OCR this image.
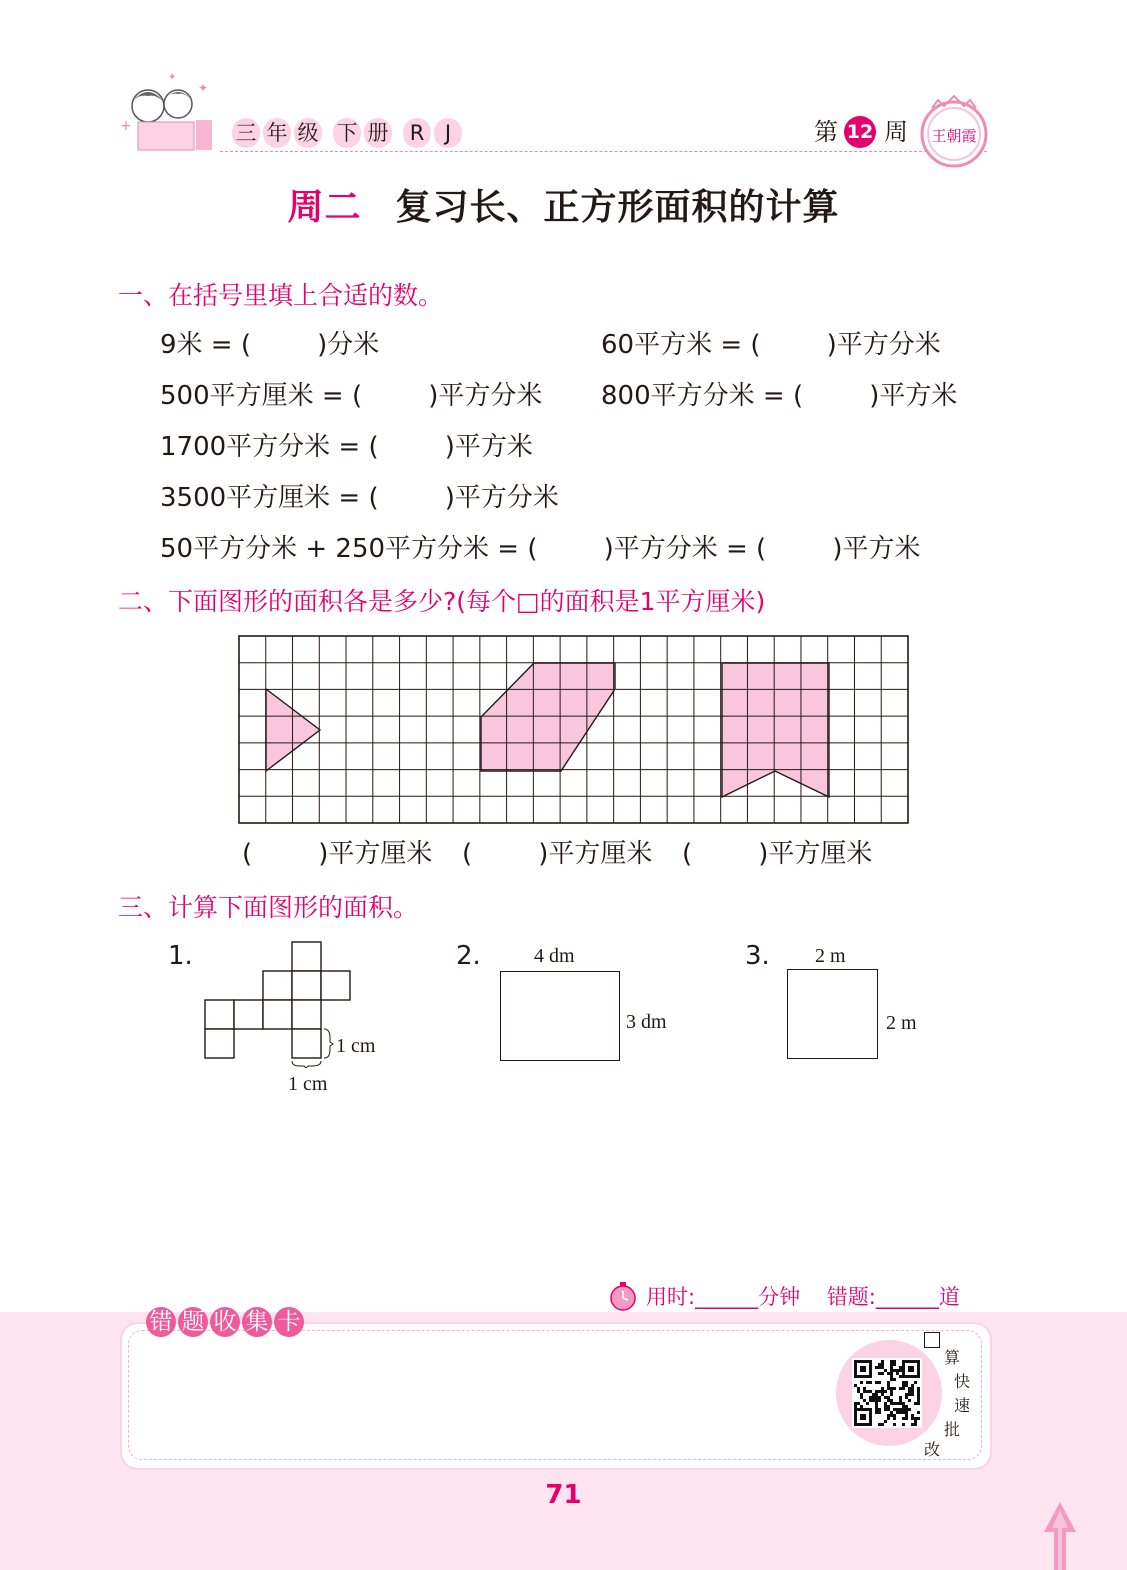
+
✦
✦
三 年 级 下 册	R J	第 12 周 王朝霞
周二 复习长、正方形面积的计算
一、在括号里填上合适的数。
9米 = (        )分米	60平方米 = (        )平方分米
500平方厘米 = (        )平方分米 800平方分米 = (        )平方米
1700平方分米 = (        )平方米
3500平方厘米 = (        )平方分米
50平方分米 + 250平方分米 = (        )平方分米 = (        )平方米
二、下面图形的面积各是多少?(每个□的面积是1平方厘米)
(        )平方厘米 (        )平方厘米 (        )平方厘米
三、计算下面图形的面积。
1.
1 cm
1 cm
2.	4 dm
3 dm
3. 2 m
2 m
用时:______分钟    错题:______道
错 题 收 集 卡
算
快
速
批
改
71
